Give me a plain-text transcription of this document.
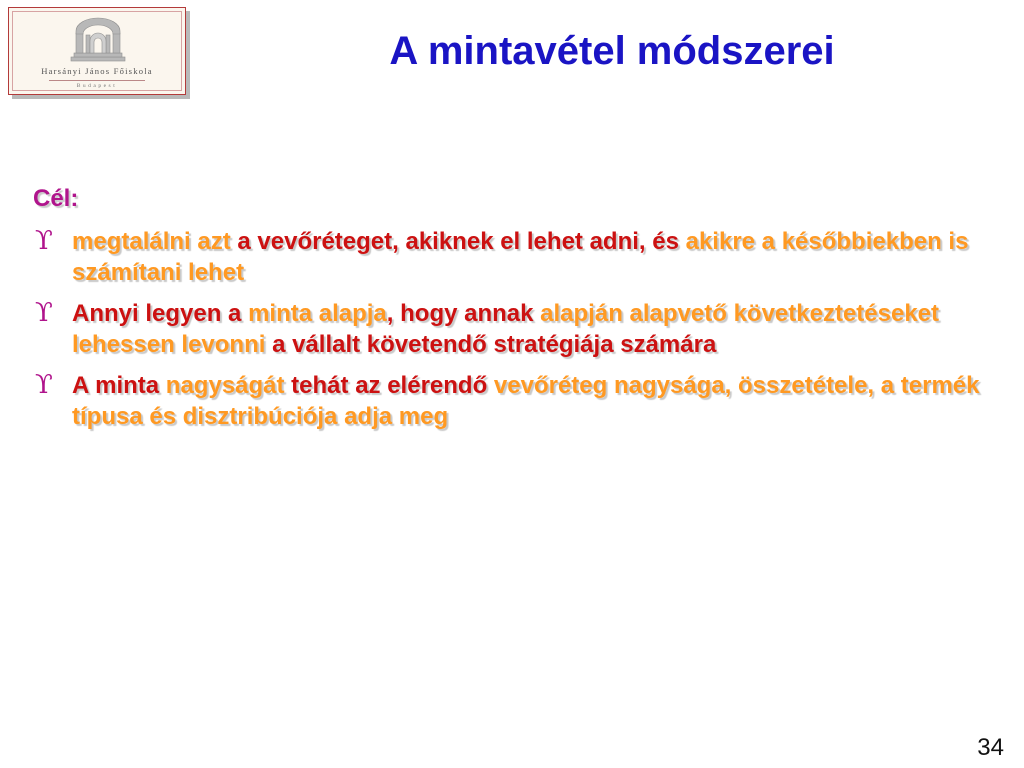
Harsányi János Főiskola
Budapest
A mintavétel módszerei
Cél:
ϒ megtalálni azt a vevőréteget, akiknek el lehet adni, és akikre a későbbiekben is számítani lehet
ϒ Annyi legyen a minta alapja, hogy annak alapján alapvető következtetéseket lehessen levonni a vállalt követendő stratégiája számára
ϒ A minta nagyságát tehát az elérendő vevőréteg nagysága, összetétele, a termék típusa és disztribúciója adja meg
34
